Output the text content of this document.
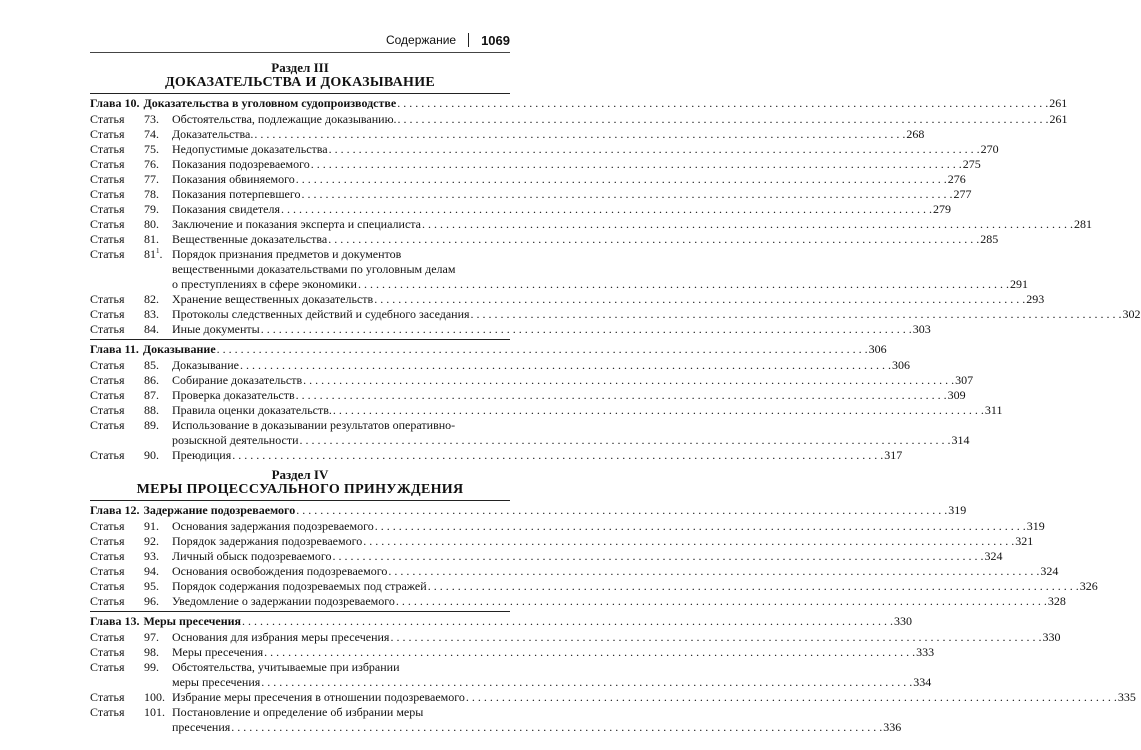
Содержание 1069
Раздел III
ДОКАЗАТЕЛЬСТВА И ДОКАЗЫВАНИЕ
Глава 10. Доказательства в уголовном судопроизводстве . . .	261
Статья	73.	Обстоятельства, подлежащие доказыванию. . . .	261
Статья	74.	Доказательства. . . .	268
Статья	75.	Недопустимые доказательства . . .	270
Статья	76.	Показания подозреваемого . . .	275
Статья	77.	Показания обвиняемого . . .	276
Статья	78.	Показания потерпевшего . . .	277
Статья	79.	Показания свидетеля . . .	279
Статья	80.	Заключение и показания эксперта и специалиста . . .	281
Статья	81.	Вещественные доказательства . . .	285
Статья	$81^1$. Порядок признания предметов и документов
вещественными доказательствами по уголовным делам
о преступлениях в сфере экономики . . .	291
Статья	82.	Хранение вещественных доказательств . . .	293
Статья	83.	Протоколы следственных действий и судебного заседания . . .	302
Статья	84.	Иные документы . . .	303
Глава 11. Доказывание . . .	306
Статья	85.	Доказывание . . .	306
Статья	86.	Собирание доказательств . . .	307
Статья	87.	Проверка доказательств . . .	309
Статья	88.	Правила оценки доказательств. . . .	311
Статья	89.	Использование в доказывании результатов оперативно-
розыскной деятельности . . .	314
Статья	90.	Преюдиция . . .	317
Раздел IV
МЕРЫ ПРОЦЕССУАЛЬНОГО ПРИНУЖДЕНИЯ
Глава 12. Задержание подозреваемого . . .	319
Статья	91.	Основания задержания подозреваемого . . .	319
Статья	92.	Порядок задержания подозреваемого . . .	321
Статья	93.	Личный обыск подозреваемого . . .	324
Статья	94.	Основания освобождения подозреваемого . . .	324
Статья	95.	Порядок содержания подозреваемых под стражей . . .	326
Статья	96.	Уведомление о задержании подозреваемого . . .	328
Глава 13. Меры пресечения . . .	330
Статья	97.	Основания для избрания меры пресечения . . .	330
Статья	98.	Меры пресечения . . .	333
Статья	99.	Обстоятельства, учитываемые при избрании
меры пресечения . . .	334
Статья	100. Избрание меры пресечения в отношении подозреваемого . . .	335
Статья	101. Постановление и определение об избрании меры
пресечения . . .	336
